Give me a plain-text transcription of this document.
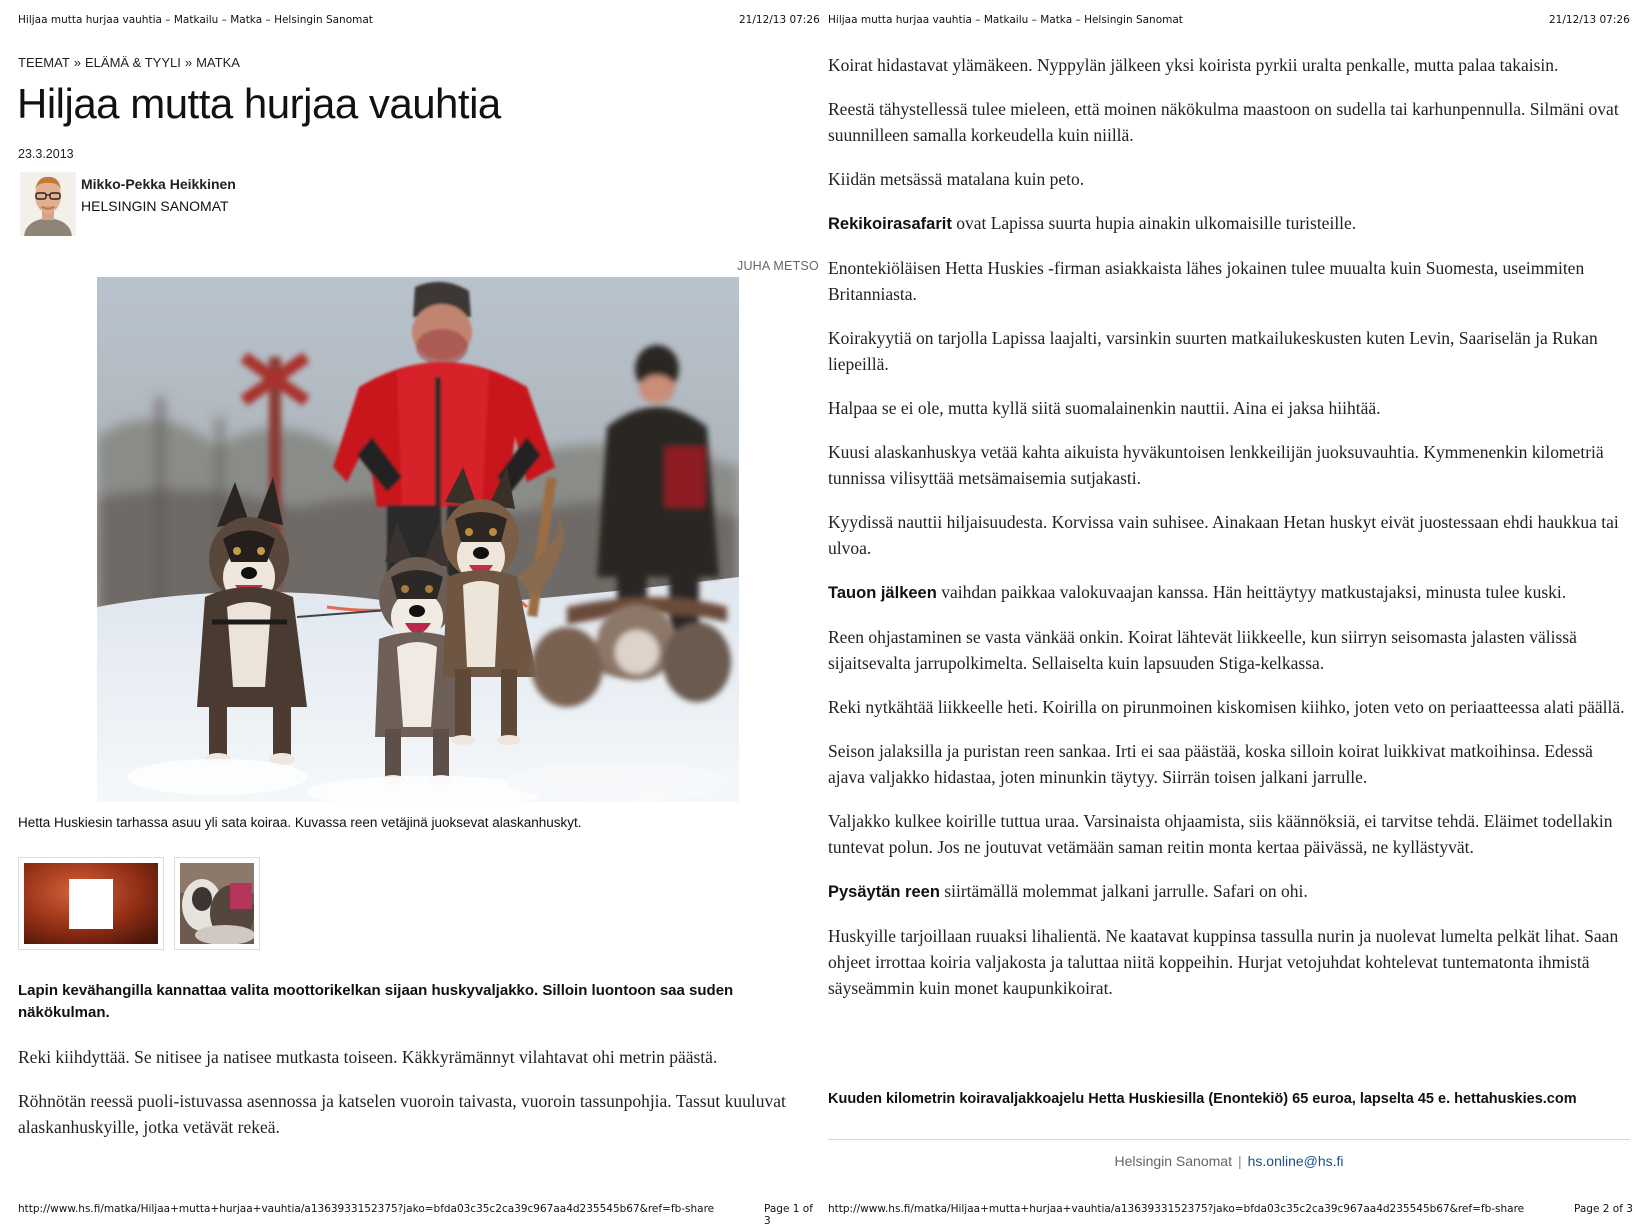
Hiljaa mutta hurjaa vauhtia – Matkailu – Matka – Helsingin Sanomat	21/12/13 07:26
TEEMAT » ELÄMÄ & TYYLI » MATKA
Hiljaa mutta hurjaa vauhtia
23.3.2013
Mikko-Pekka Heikkinen
HELSINGIN SANOMAT
JUHA METSO
Hetta Huskiesin tarhassa asuu yli sata koiraa. Kuvassa reen vetäjinä juoksevat alaskanhuskyt.
Lapin kevähangilla kannattaa valita moottorikelkan sijaan huskyvaljakko. Silloin luontoon saa suden näkökulman.

Reki kiihdyttää. Se nitisee ja natisee mutkasta toiseen. Käkkyrämännyt vilahtavat ohi metrin päästä.

Röhnötän reessä puoli-istuvassa asennossa ja katselen vuoroin taivasta, vuoroin tassunpohjia. Tassut kuuluvat alaskanhuskyille, jotka vetävät rekeä.

http://www.hs.fi/matka/Hiljaa+mutta+hurjaa+vauhtia/a1363933152375?jako=bfda03c35c2ca39c967aa4d235545b67&ref=fb-share	Page 1 of 3
Hiljaa mutta hurjaa vauhtia – Matkailu – Matka – Helsingin Sanomat	21/12/13 07:26

Koirat hidastavat ylämäkeen. Nyppylän jälkeen yksi koirista pyrkii uralta penkalle, mutta palaa takaisin.

Reestä tähystellessä tulee mieleen, että moinen näkökulma maastoon on sudella tai karhunpennulla. Silmäni ovat suunnilleen samalla korkeudella kuin niillä.

Kiidän metsässä matalana kuin peto.

Rekikoirasafarit ovat Lapissa suurta hupia ainakin ulkomaisille turisteille.

Enontekiöläisen Hetta Huskies -firman asiakkaista lähes jokainen tulee muualta kuin Suomesta, useimmiten Britanniasta.

Koirakyytiä on tarjolla Lapissa laajalti, varsinkin suurten matkailukeskusten kuten Levin, Saariselän ja Rukan liepeillä.

Halpaa se ei ole, mutta kyllä siitä suomalainenkin nauttii. Aina ei jaksa hiihtää.

Kuusi alaskanhuskya vetää kahta aikuista hyväkuntoisen lenkkeilijän juoksuvauhtia. Kymmenenkin kilometriä tunnissa vilisyttää metsämaisemia sutjakasti.

Kyydissä nauttii hiljaisuudesta. Korvissa vain suhisee. Ainakaan Hetan huskyt eivät juostessaan ehdi haukkua tai ulvoa.

Tauon jälkeen vaihdan paikkaa valokuvaajan kanssa. Hän heittäytyy matkustajaksi, minusta tulee kuski.

Reen ohjastaminen se vasta vänkää onkin. Koirat lähtevät liikkeelle, kun siirryn seisomasta jalasten välissä sijaitsevalta jarrupolkimelta. Sellaiselta kuin lapsuuden Stiga-kelkassa.

Reki nytkähtää liikkeelle heti. Koirilla on pirunmoinen kiskomisen kiihko, joten veto on periaatteessa alati päällä.

Seison jalaksilla ja puristan reen sankaa. Irti ei saa päästää, koska silloin koirat luikkivat matkoihinsa. Edessä ajava valjakko hidastaa, joten minunkin täytyy. Siirrän toisen jalkani jarrulle.

Valjakko kulkee koirille tuttua uraa. Varsinaista ohjaamista, siis käännöksiä, ei tarvitse tehdä. Eläimet todellakin tuntevat polun. Jos ne joutuvat vetämään saman reitin monta kertaa päivässä, ne kyllästyvät.

Pysäytän reen siirtämällä molemmat jalkani jarrulle. Safari on ohi.

Huskyille tarjoillaan ruuaksi lihalientä. Ne kaatavat kuppinsa tassulla nurin ja nuolevat lumelta pelkät lihat. Saan ohjeet irrottaa koiria valjakosta ja taluttaa niitä koppeihin. Hurjat vetojuhdat kohtelevat tuntematonta ihmistä säyseämmin kuin monet kaupunkikoirat.

Kuuden kilometrin koiravaljakkoajelu Hetta Huskiesilla (Enontekiö) 65 euroa, lapselta 45 e. hettahuskies.com
Helsingin Sanomat | hs.online@hs.fi
http://www.hs.fi/matka/Hiljaa+mutta+hurjaa+vauhtia/a1363933152375?jako=bfda03c35c2ca39c967aa4d235545b67&ref=fb-share	Page 2 of 3
